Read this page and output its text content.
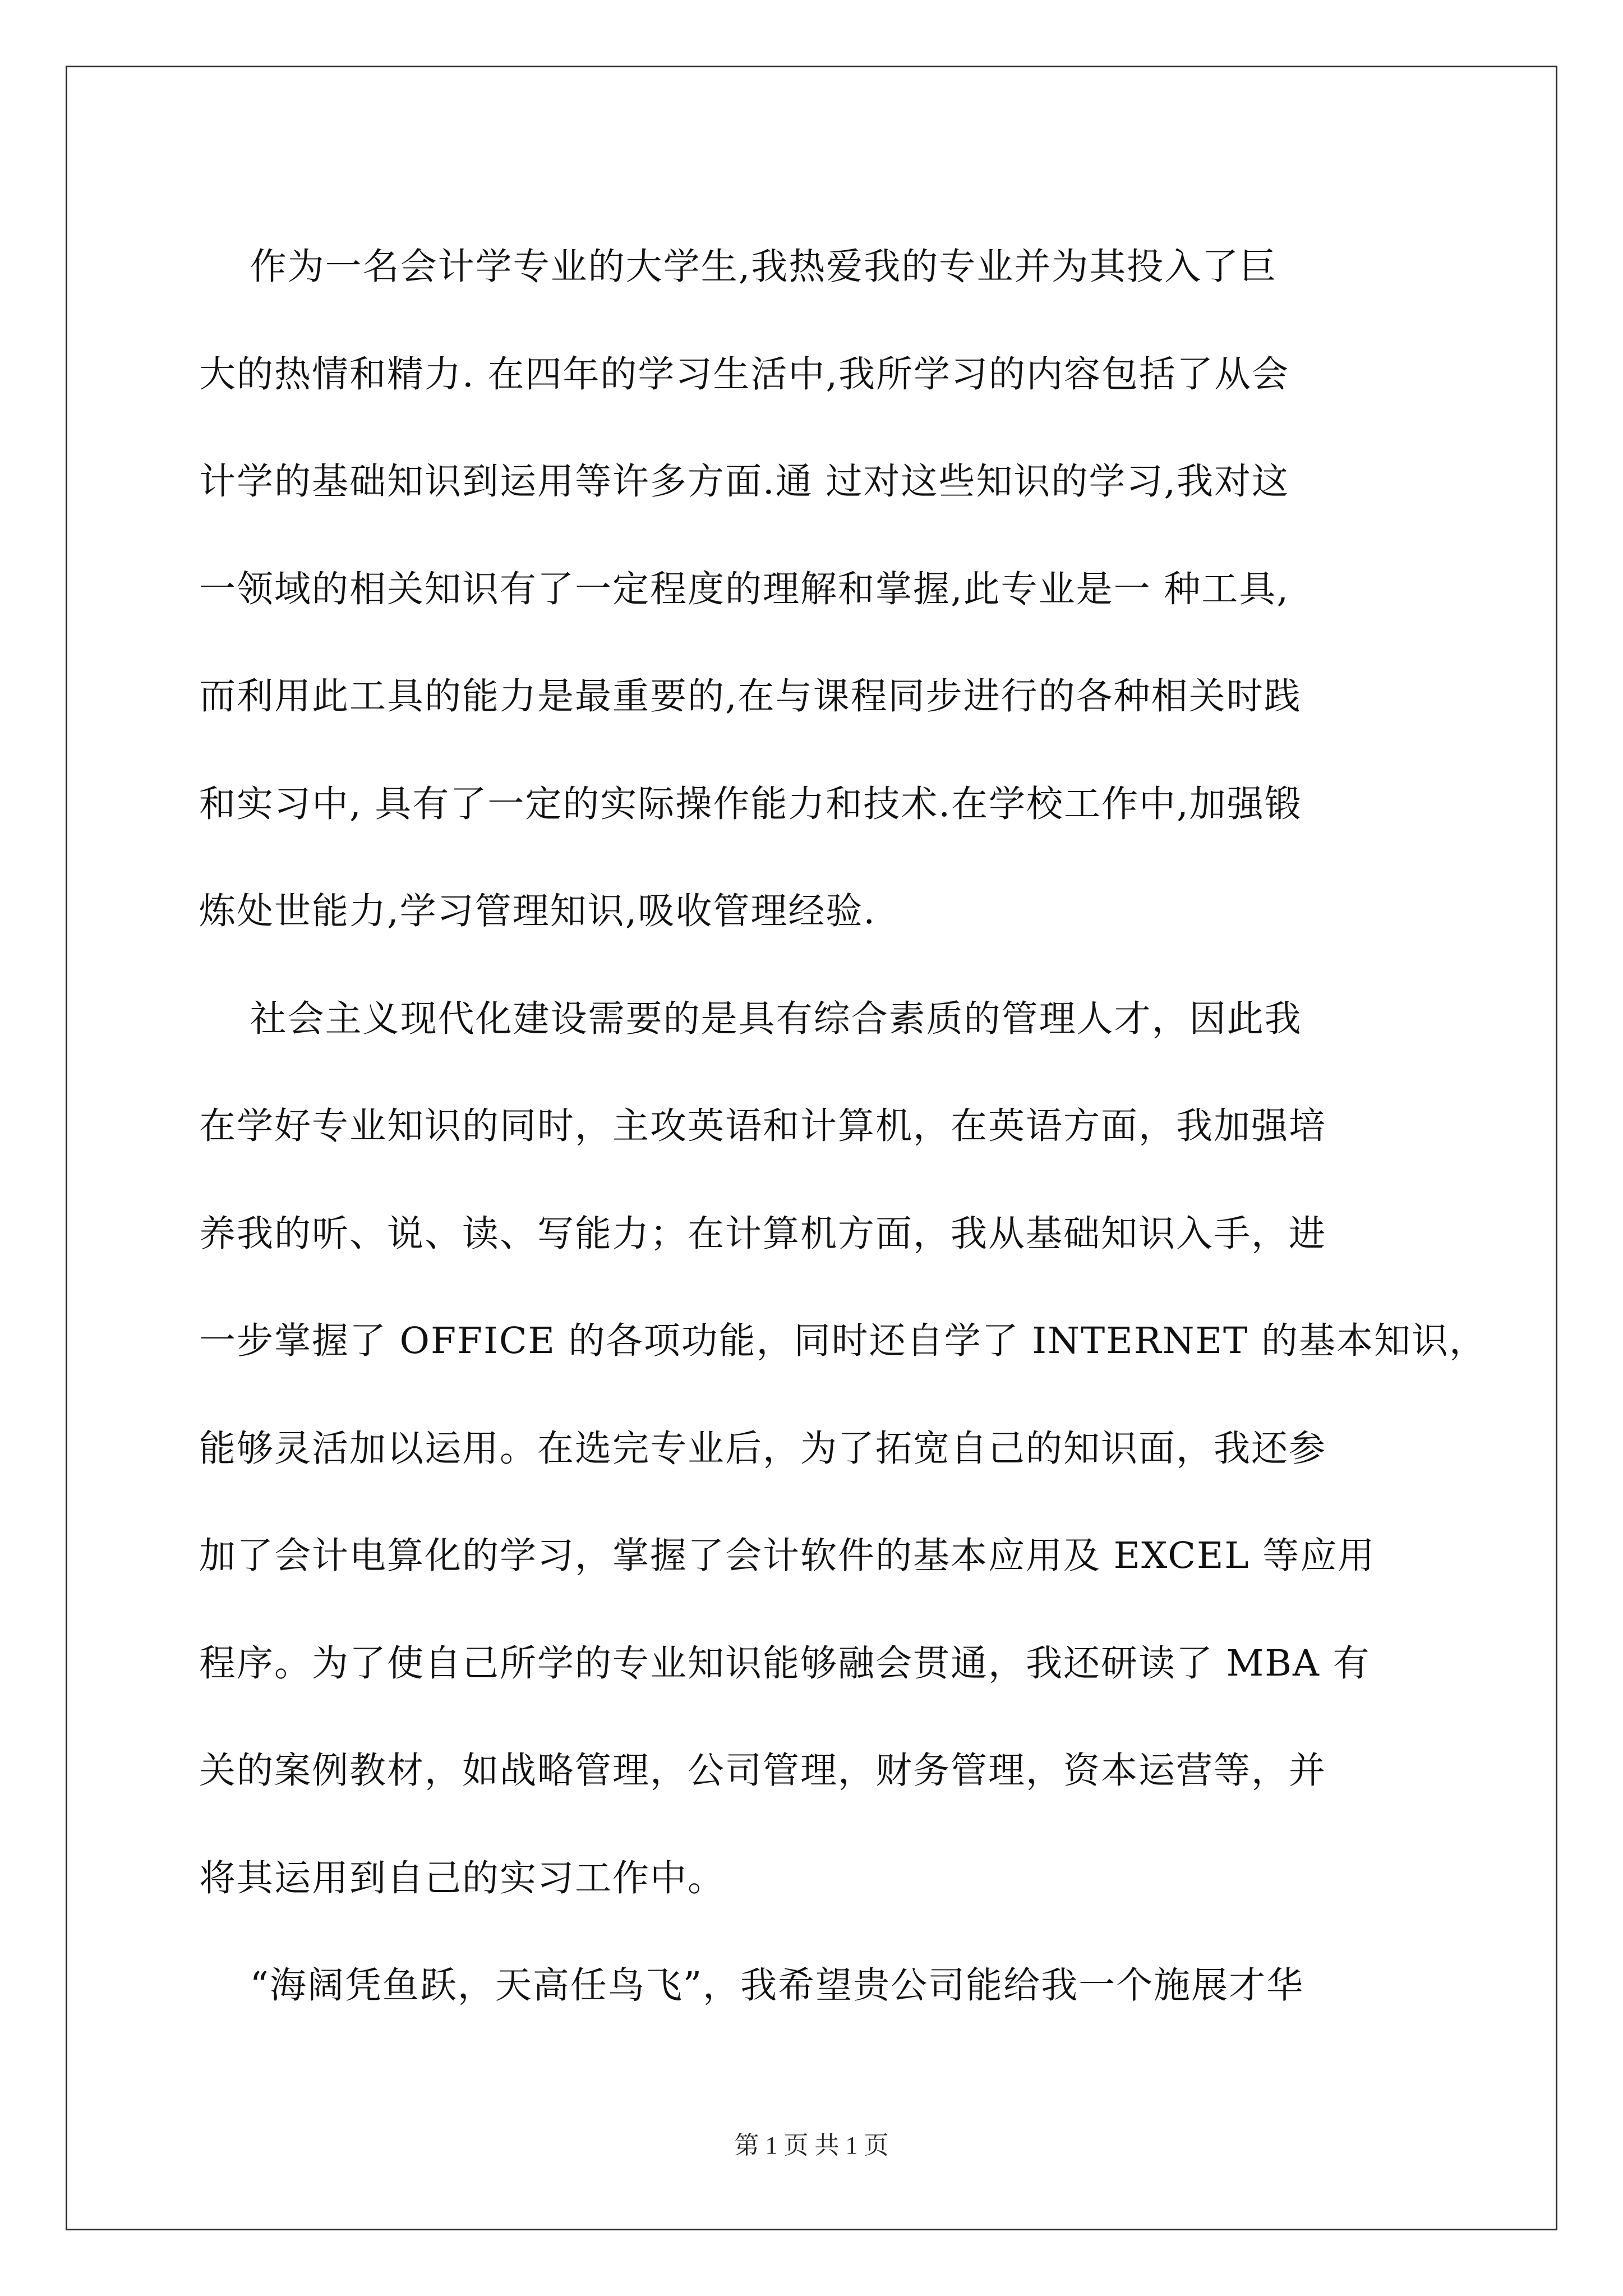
作为一名会计学专业的大学生,我热爱我的专业并为其投入了巨
大的热情和精力. 在四年的学习生活中,我所学习的内容包括了从会
计学的基础知识到运用等许多方面.通 过对这些知识的学习,我对这
一领域的相关知识有了一定程度的理解和掌握,此专业是一 种工具,
而利用此工具的能力是最重要的,在与课程同步进行的各种相关时践
和实习中, 具有了一定的实际操作能力和技术.在学校工作中,加强锻
炼处世能力,学习管理知识,吸收管理经验.
社会主义现代化建设需要的是具有综合素质的管理人才，因此我
在学好专业知识的同时，主攻英语和计算机，在英语方面，我加强培
养我的听、说、读、写能力；在计算机方面，我从基础知识入手，进
一步掌握了 OFFICE 的各项功能，同时还自学了 INTERNET 的基本知识，
能够灵活加以运用。在选完专业后，为了拓宽自己的知识面，我还参
加了会计电算化的学习，掌握了会计软件的基本应用及 EXCEL 等应用
程序。为了使自己所学的专业知识能够融会贯通，我还研读了 MBA 有
关的案例教材，如战略管理，公司管理，财务管理，资本运营等，并
将其运用到自己的实习工作中。
“海阔凭鱼跃，天高任鸟飞”，我希望贵公司能给我一个施展才华
第 1 页 共 1 页
